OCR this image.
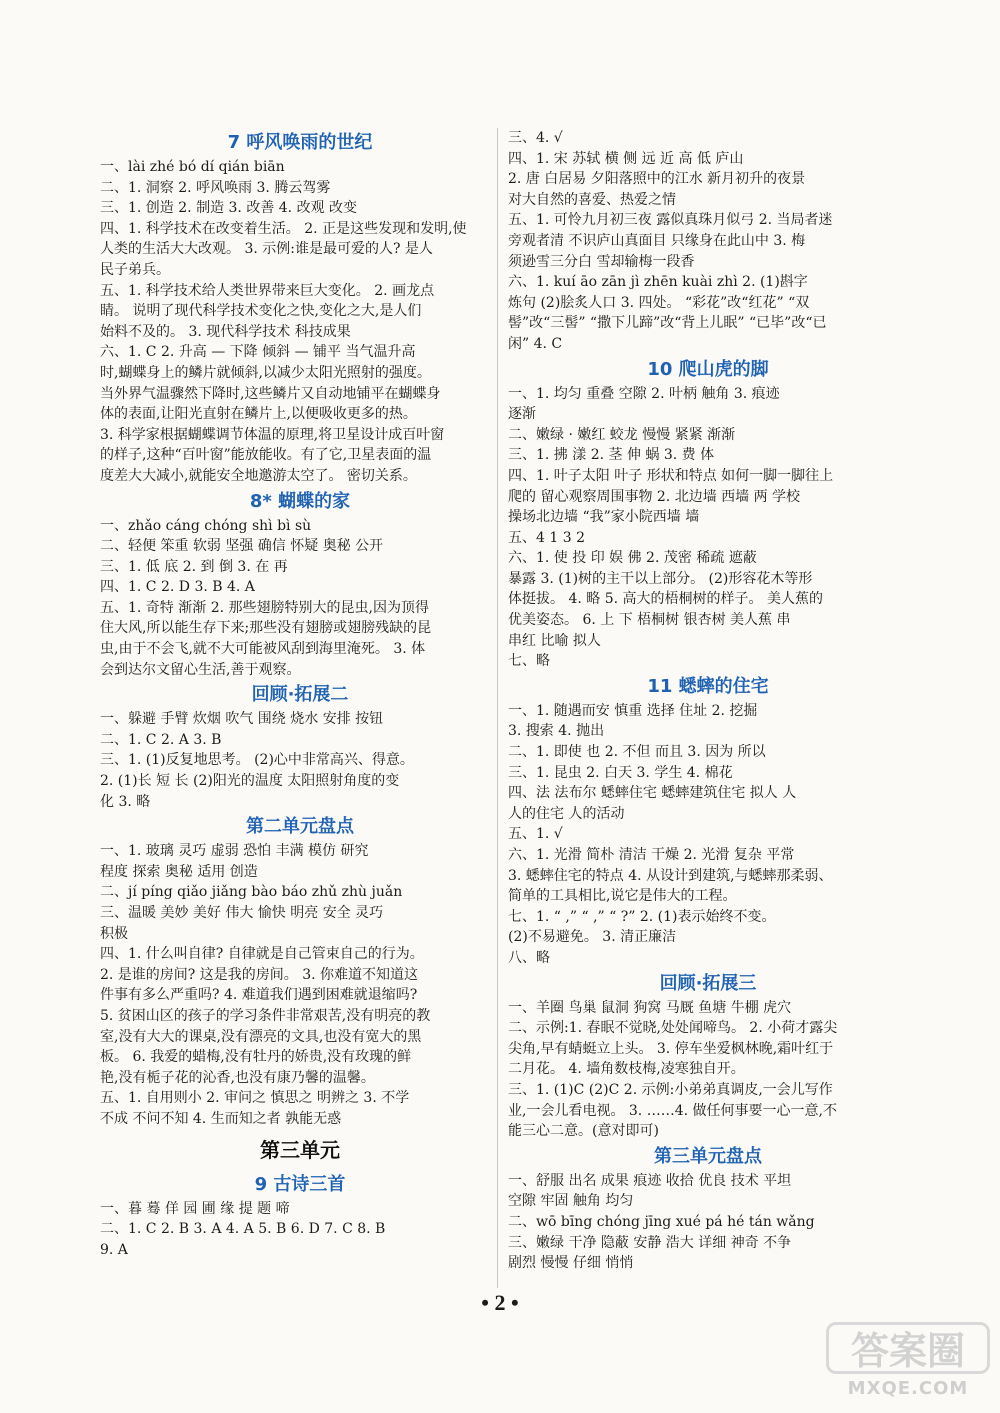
7 呼风唤雨的世纪
一、lài zhé bó dí qián biān
二、1. 洞察 2. 呼风唤雨 3. 腾云驾雾
三、1. 创造 2. 制造 3. 改善 4. 改观 改变
四、1. 科学技术在改变着生活。 2. 正是这些发现和发明,使
人类的生活大大改观。 3. 示例:谁是最可爱的人? 是人
民子弟兵。
五、1. 科学技术给人类世界带来巨大变化。 2. 画龙点
睛。 说明了现代科学技术变化之快,变化之大,是人们
始料不及的。 3. 现代科学技术 科技成果
六、1. C 2. 升高 — 下降 倾斜 — 铺平 当气温升高
时,蝴蝶身上的鳞片就倾斜,以减少太阳光照射的强度。
当外界气温骤然下降时,这些鳞片又自动地铺平在蝴蝶身
体的表面,让阳光直射在鳞片上,以便吸收更多的热。
3. 科学家根据蝴蝶调节体温的原理,将卫星设计成百叶窗
的样子,这种“百叶窗”能放能收。有了它,卫星表面的温
度差大大减小,就能安全地邀游太空了。 密切关系。
8* 蝴蝶的家
一、zhǎo cáng chóng shì bì sù
二、轻便 笨重 软弱 坚强 确信 怀疑 奥秘 公开
三、1. 低 底 2. 到 倒 3. 在 再
四、1. C 2. D 3. B 4. A
五、1. 奇特 渐渐 2. 那些翅膀特别大的昆虫,因为顶得
住大风,所以能生存下来;那些没有翅膀或翅膀残缺的昆
虫,由于不会飞,就不大可能被风刮到海里淹死。 3. 体
会到达尔文留心生活,善于观察。
回顾·拓展二
一、躲避 手臂 炊烟 吹气 围绕 烧水 安排 按钮
二、1. C 2. A 3. B
三、1. (1)反复地思考。 (2)心中非常高兴、得意。
2. (1)长 短 长 (2)阳光的温度 太阳照射角度的变
化 3. 略
第二单元盘点
一、1. 玻璃 灵巧 虚弱 恐怕 丰满 模仿 研究
程度 探索 奥秘 适用 创造
二、jí píng qiǎo jiǎng bào báo zhǔ zhù juǎn
三、温暖 美妙 美好 伟大 愉快 明亮 安全 灵巧
积极
四、1. 什么叫自律? 自律就是自己管束自己的行为。
2. 是谁的房间? 这是我的房间。 3. 你难道不知道这
件事有多么严重吗? 4. 难道我们遇到困难就退缩吗?
5. 贫困山区的孩子的学习条件非常艰苦,没有明亮的教
室,没有大大的课桌,没有漂亮的文具,也没有宽大的黑
板。 6. 我爱的蜡梅,没有牡丹的娇贵,没有玫瑰的鲜
艳,没有栀子花的沁香,也没有康乃馨的温馨。
五、1. 自用则小 2. 审问之 慎思之 明辨之 3. 不学
不成 不问不知 4. 生而知之者 孰能无惑
第三单元
9 古诗三首
一、暮 蓦 佯 园 圃 缘 提 题 啼
二、1. C 2. B 3. A 4. A 5. B 6. D 7. C 8. B
9. A
三、4. √
四、1. 宋 苏轼 横 侧 远 近 高 低 庐山
2. 唐 白居易 夕阳落照中的江水 新月初升的夜景
对大自然的喜爱、热爱之情
五、1. 可怜九月初三夜 露似真珠月似弓 2. 当局者迷
旁观者清 不识庐山真面目 只缘身在此山中 3. 梅
须逊雪三分白 雪却输梅一段香
六、1. kuí āo zān jì zhēn kuài zhì 2. (1)斟字
炼句 (2)脍炙人口 3. 四处。 “彩花”改“红花” “双
髻”改“三髻” “撒下儿蹄”改“背上儿眠” “已毕”改“已
闲” 4. C
10 爬山虎的脚
一、1. 均匀 重叠 空隙 2. 叶柄 触角 3. 痕迹
逐渐
二、嫩绿 · 嫩红 蛟龙 慢慢 紧紧 渐渐
三、1. 拂 漾 2. 茎 伸 蜗 3. 费 体
四、1. 叶子太阳 叶子 形状和特点 如何一脚一脚往上
爬的 留心观察周围事物 2. 北边墙 西墙 两 学校
操场北边墙 “我”家小院西墙 墙
五、4 1 3 2
六、1. 使 投 印 娱 佛 2. 茂密 稀疏 遮蔽
暴露 3. (1)树的主干以上部分。 (2)形容花木等形
体挺拔。 4. 略 5. 高大的梧桐树的样子。 美人蕉的
优美姿态。 6. 上 下 梧桐树 银杏树 美人蕉 串
串红 比喻 拟人
七、略
11 蟋蟀的住宅
一、1. 随遇而安 慎重 选择 住址 2. 挖掘
3. 搜索 4. 抛出
二、1. 即使 也 2. 不但 而且 3. 因为 所以
三、1. 昆虫 2. 白天 3. 学生 4. 棉花
四、法 法布尔 蟋蟀住宅 蟋蟀建筑住宅 拟人 人
人的住宅 人的活动
五、1. √
六、1. 光滑 简朴 清洁 干燥 2. 光滑 复杂 平常
3. 蟋蟀住宅的特点 4. 从设计到建筑,与蟋蟀那柔弱、
简单的工具相比,说它是伟大的工程。
七、1. “ ,” “ ,” “ ?” 2. (1)表示始终不变。
(2)不易避免。 3. 清正廉洁
八、略
回顾·拓展三
一、羊圈 鸟巢 鼠洞 狗窝 马厩 鱼塘 牛棚 虎穴
二、示例:1. 春眠不觉晓,处处闻啼鸟。 2. 小荷才露尖
尖角,早有蜻蜓立上头。 3. 停车坐爱枫林晚,霜叶红于
二月花。 4. 墙角数枝梅,凌寒独自开。
三、1. (1)C (2)C 2. 示例:小弟弟真调皮,一会儿写作
业,一会儿看电视。 3. ……4. 做任何事要一心一意,不
能三心二意。(意对即可)
第三单元盘点
一、舒服 出名 成果 痕迹 收拾 优良 技术 平坦
空隙 牢固 触角 均匀
二、wō bīng chóng jīng xué pá hé tán wǎng
三、嫩绿 干净 隐蔽 安静 浩大 详细 神奇 不争
剧烈 慢慢 仔细 悄悄
• 2 •
答案圈
MXQE.COM
